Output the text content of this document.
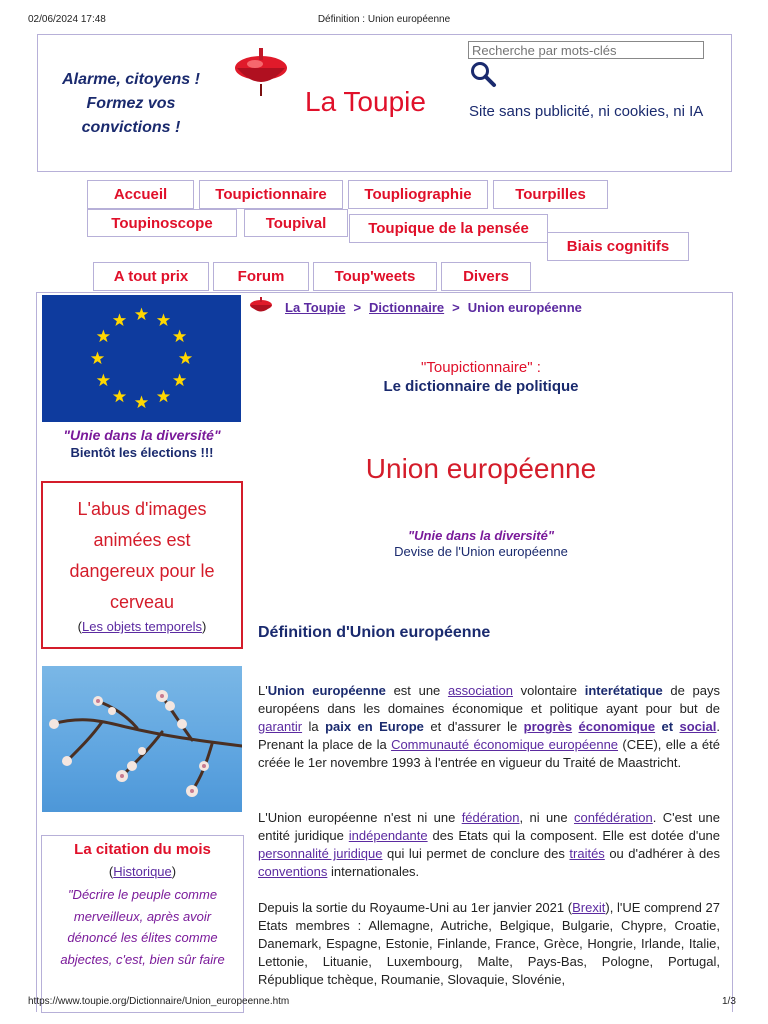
02/06/2024 17:48	Définition : Union européenne
Alarme, citoyens !
Formez vos
convictions !
La Toupie
Recherche par mots-clés	Site sans publicité, ni cookies, ni IA
Accueil	Toupictionnaire	Toupliographie	Tourpilles
Toupinoscope	Toupival	Toupique de la pensée
Biais cognitifs
A tout prix	Forum	Toup'weets	Divers
"Unie dans la diversité"
Bientôt les élections !!!
L'abus d'images
animées est
dangereux pour le
cerveau
(Les objets temporels)
La citation du mois
(Historique)
"Décrire le peuple comme
merveilleux, après avoir
dénoncé les élites comme
abjectes, c'est, bien sûr faire
La Toupie > Dictionnaire > Union européenne
"Toupictionnaire" :
Le dictionnaire de politique
Union européenne
"Unie dans la diversité"
Devise de l'Union européenne
Définition d'Union européenne
L'Union européenne est une association volontaire interétatique de pays européens dans les domaines économique et politique ayant pour but de garantir la paix en Europe et d'assurer le progrès économique et social. Prenant la place de la Communauté économique européenne (CEE), elle a été créée le 1er novembre 1993 à l'entrée en vigueur du Traité de Maastricht.
L'Union européenne n'est ni une fédération, ni une confédération. C'est une entité juridique indépendante des Etats qui la composent. Elle est dotée d'une personnalité juridique qui lui permet de conclure des traités ou d'adhérer à des conventions internationales.
Depuis la sortie du Royaume-Uni au 1er janvier 2021 (Brexit), l'UE comprend 27 Etats membres : Allemagne, Autriche, Belgique, Bulgarie, Chypre, Croatie, Danemark, Espagne, Estonie, Finlande, France, Grèce, Hongrie, Irlande, Italie, Lettonie, Lituanie, Luxembourg, Malte, Pays-Bas, Pologne, Portugal, République tchèque, Roumanie, Slovaquie, Slovénie,
https://www.toupie.org/Dictionnaire/Union_europeenne.htm	1/3
